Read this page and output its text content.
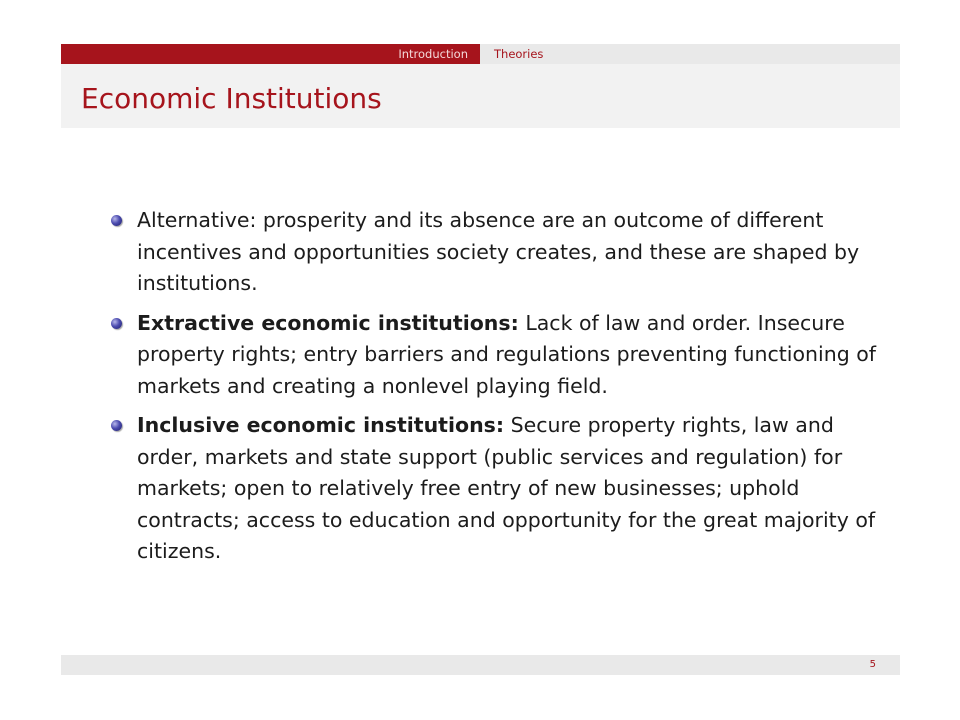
Introduction Theories
Economic Institutions
Alternative: prosperity and its absence are an outcome of different incentives and opportunities society creates, and these are shaped by institutions.
Extractive economic institutions: Lack of law and order. Insecure property rights; entry barriers and regulations preventing functioning of markets and creating a nonlevel playing field.
Inclusive economic institutions: Secure property rights, law and order, markets and state support (public services and regulation) for markets; open to relatively free entry of new businesses; uphold contracts; access to education and opportunity for the great majority of citizens.
5
